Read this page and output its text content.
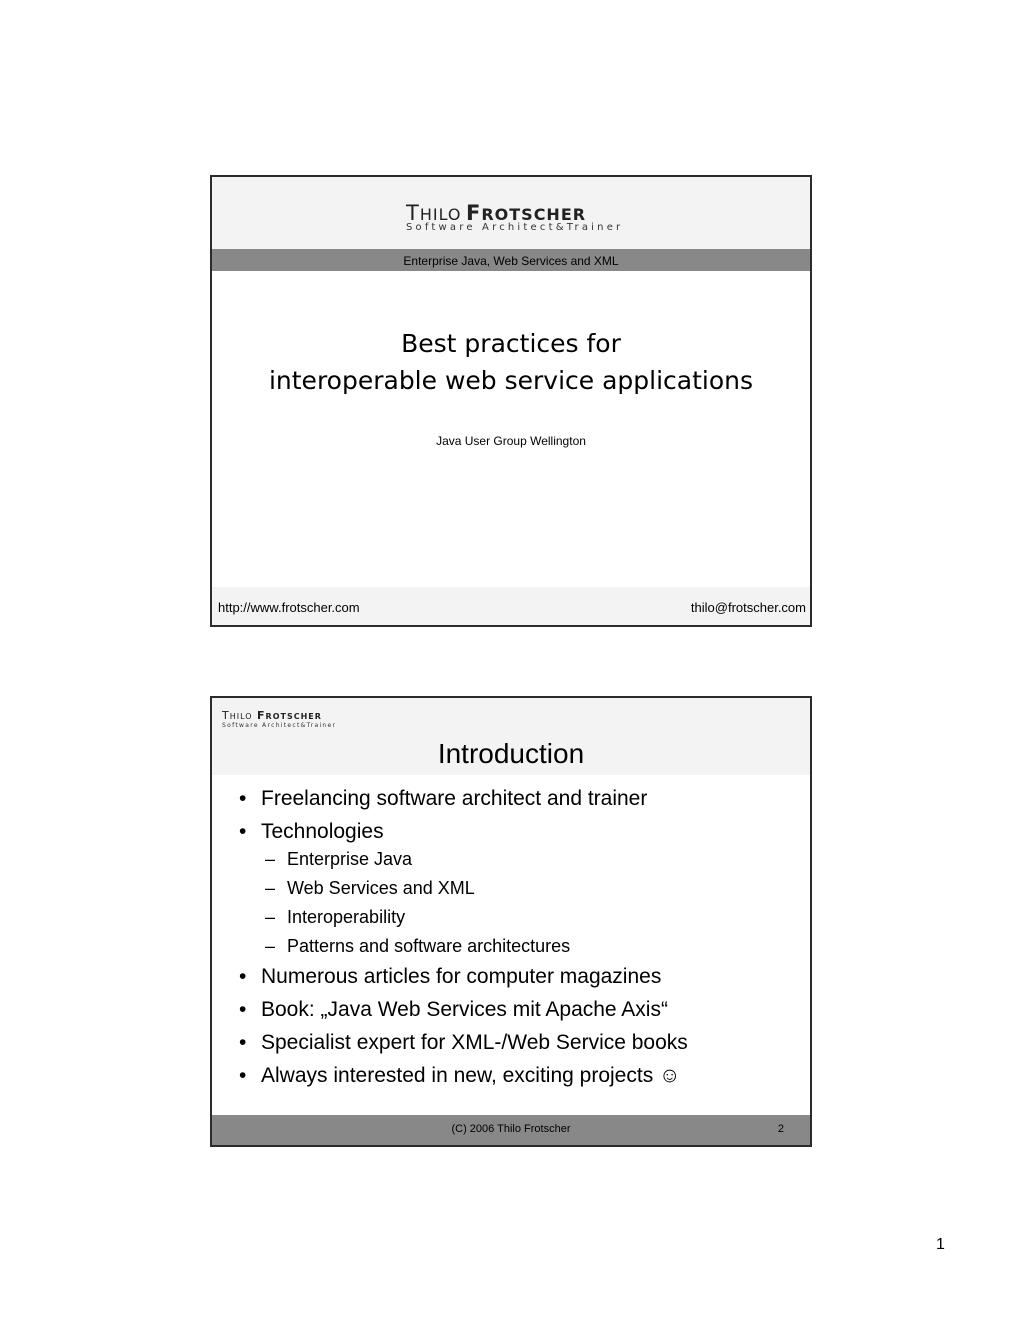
THILO FROTSCHER
Software Architect&Trainer
Enterprise Java, Web Services and XML
Best practices for
interoperable web service applications
Java User Group Wellington
http://www.frotscher.com	thilo@frotscher.com
THILO FROTSCHER
Software Architect&Trainer
Introduction
• Freelancing software architect and trainer
• Technologies
– Enterprise Java
– Web Services and XML
– Interoperability
– Patterns and software architectures
• Numerous articles for computer magazines
• Book: „Java Web Services mit Apache Axis“
• Specialist expert for XML-/Web Service books
• Always interested in new, exciting projects ☺
(C) 2006 Thilo Frotscher	2
1
